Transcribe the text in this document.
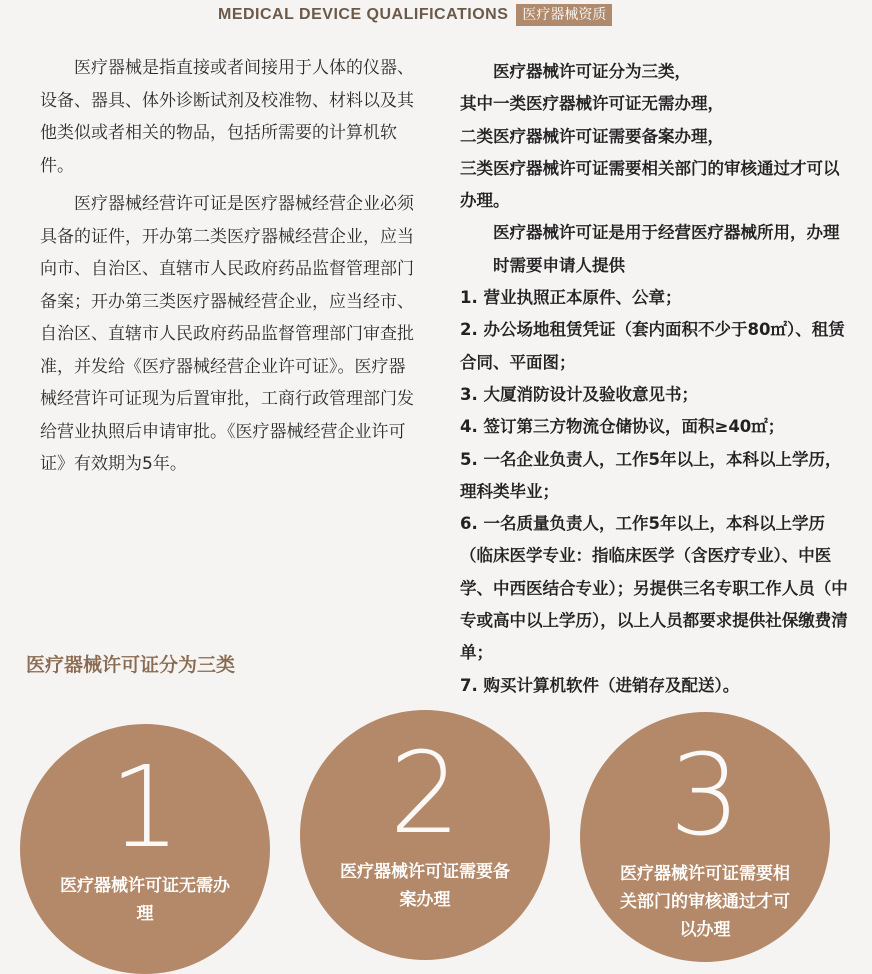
MEDICAL DEVICE QUALIFICATIONS	医疗器械资质

医疗器械是指直接或者间接用于人体的仪器、设备、器具、体外诊断试剂及校准物、材料以及其他类似或者相关的物品，包括所需要的计算机软件。

医疗器械经营许可证是医疗器械经营企业必须具备的证件，开办第二类医疗器械经营企业，应当向市、自治区、直辖市人民政府药品监督管理部门备案；开办第三类医疗器械经营企业，应当经市、自治区、直辖市人民政府药品监督管理部门审查批准，并发给《医疗器械经营企业许可证》。医疗器械经营许可证现为后置审批，工商行政管理部门发给营业执照后申请审批。《医疗器械经营企业许可证》有效期为5年。

医疗器械许可证分为三类，
其中一类医疗器械许可证无需办理，
二类医疗器械许可证需要备案办理，
三类医疗器械许可证需要相关部门的审核通过才可以办理。
医疗器械许可证是用于经营医疗器械所用，办理时需要申请人提供
1. 营业执照正本原件、公章；
2. 办公场地租赁凭证（套内面积不少于80㎡）、租赁合同、平面图；
3. 大厦消防设计及验收意见书；
4. 签订第三方物流仓储协议，面积≥40㎡；
5. 一名企业负责人，工作5年以上，本科以上学历，理科类毕业；
6. 一名质量负责人，工作5年以上，本科以上学历（临床医学专业：指临床医学（含医疗专业）、中医学、中西医结合专业）；另提供三名专职工作人员（中专或高中以上学历），以上人员都要求提供社保缴费清单；
7. 购买计算机软件（进销存及配送）。
医疗器械许可证分为三类
1
医疗器械许可证无需办理
2
医疗器械许可证需要备案办理
3
医疗器械许可证需要相关部门的审核通过才可以办理
